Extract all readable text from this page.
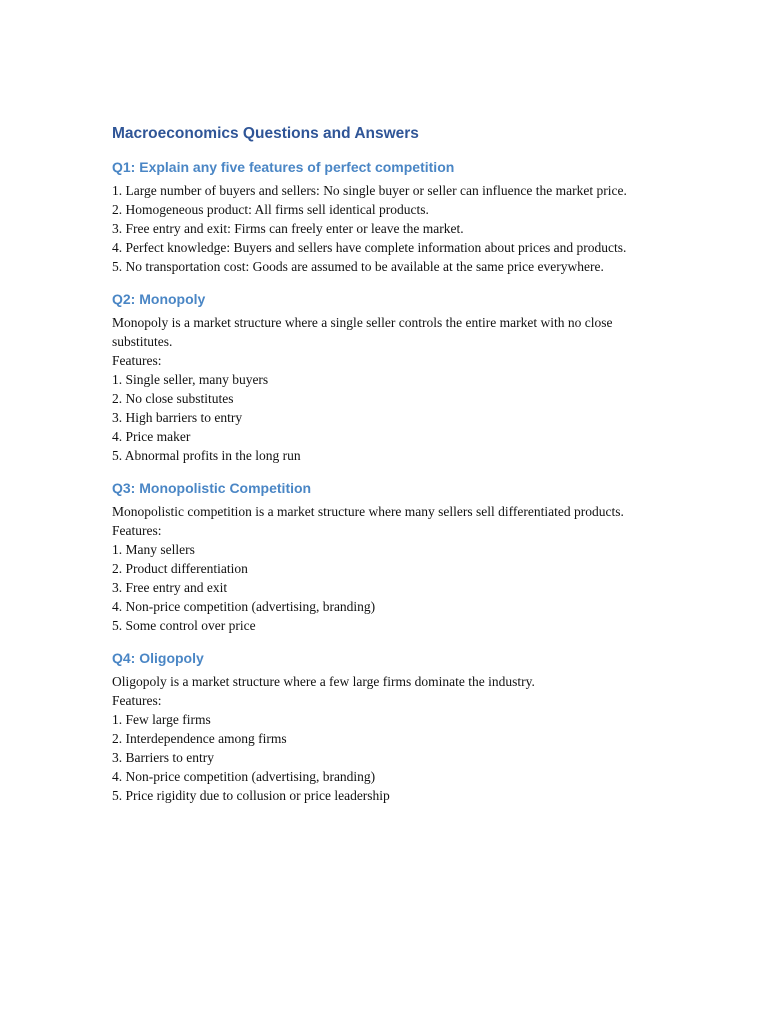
Macroeconomics Questions and Answers
Q1: Explain any five features of perfect competition
1. Large number of buyers and sellers: No single buyer or seller can influence the market price.
2. Homogeneous product: All firms sell identical products.
3. Free entry and exit: Firms can freely enter or leave the market.
4. Perfect knowledge: Buyers and sellers have complete information about prices and products.
5. No transportation cost: Goods are assumed to be available at the same price everywhere.
Q2: Monopoly

Monopoly is a market structure where a single seller controls the entire market with no close substitutes.

Features:

1. Single seller, many buyers
2. No close substitutes
3. High barriers to entry
4. Price maker
5. Abnormal profits in the long run
Q3: Monopolistic Competition

Monopolistic competition is a market structure where many sellers sell differentiated products.

Features:

1. Many sellers
2. Product differentiation
3. Free entry and exit
4. Non-price competition (advertising, branding)
5. Some control over price
Q4: Oligopoly

Oligopoly is a market structure where a few large firms dominate the industry.

Features:

1. Few large firms
2. Interdependence among firms
3. Barriers to entry
4. Non-price competition (advertising, branding)
5. Price rigidity due to collusion or price leadership
